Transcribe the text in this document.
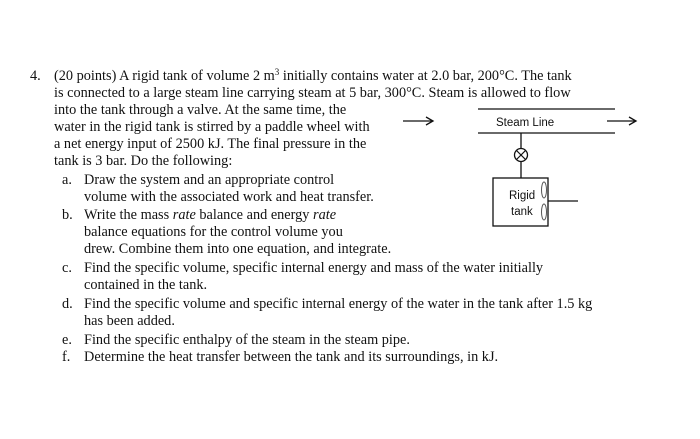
4. (20 points) A rigid tank of volume 2 $m^3$ initially contains water at 2.0 bar, 200°C. The tank
is connected to a large steam line carrying steam at 5 bar, 300°C. Steam is allowed to flow
into the tank through a valve. At the same time, the
water in the rigid tank is stirred by a paddle wheel with
a net energy input of 2500 kJ. The final pressure in the
tank is 3 bar. Do the following:
a. Draw the system and an appropriate control
volume with the associated work and heat transfer.
b. Write the mass rate balance and energy rate
balance equations for the control volume you
drew. Combine them into one equation, and integrate.
c. Find the specific volume, specific internal energy and mass of the water initially
contained in the tank.
d. Find the specific volume and specific internal energy of the water in the tank after 1.5 kg
has been added.
e. Find the specific enthalpy of the steam in the steam pipe.
f. Determine the heat transfer between the tank and its surroundings, in kJ.
Steam Line
Rigid
tank
